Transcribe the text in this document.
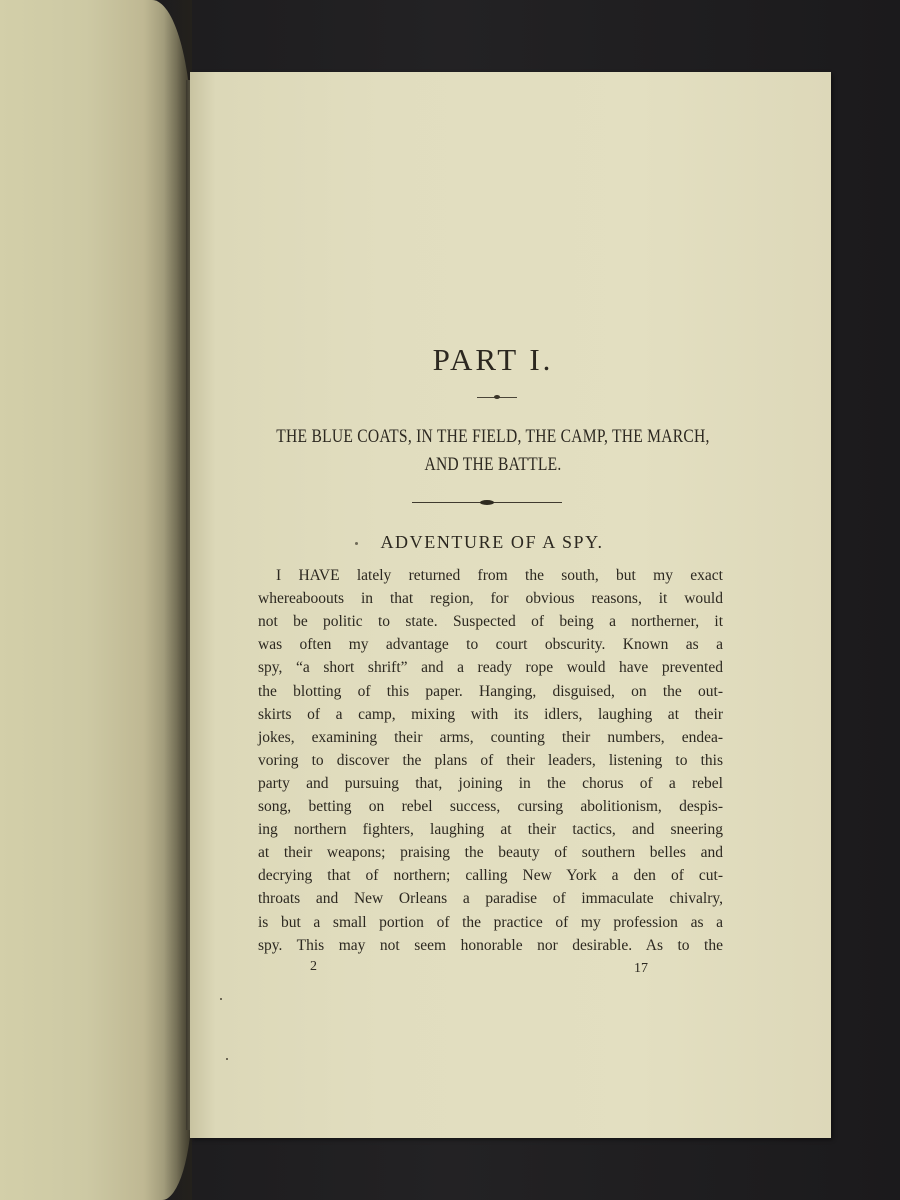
PART I.
THE BLUE COATS, IN THE FIELD, THE CAMP, THE MARCH,
AND THE BATTLE.
ADVENTURE OF A SPY.
I HAVE lately returned from the south, but my exact
whereaboouts in that region, for obvious reasons, it would
not be politic to state. Suspected of being a northerner, it
was often my advantage to court obscurity. Known as a
spy, “a short shrift” and a ready rope would have prevented
the blotting of this paper. Hanging, disguised, on the out-
skirts of a camp, mixing with its idlers, laughing at their
jokes, examining their arms, counting their numbers, endea-
voring to discover the plans of their leaders, listening to this
party and pursuing that, joining in the chorus of a rebel
song, betting on rebel success, cursing abolitionism, despis-
ing northern fighters, laughing at their tactics, and sneering
at their weapons; praising the beauty of southern belles and
decrying that of northern; calling New York a den of cut-
throats and New Orleans a paradise of immaculate chivalry,
is but a small portion of the practice of my profession as a
spy. This may not seem honorable nor desirable. As to the
2	17
